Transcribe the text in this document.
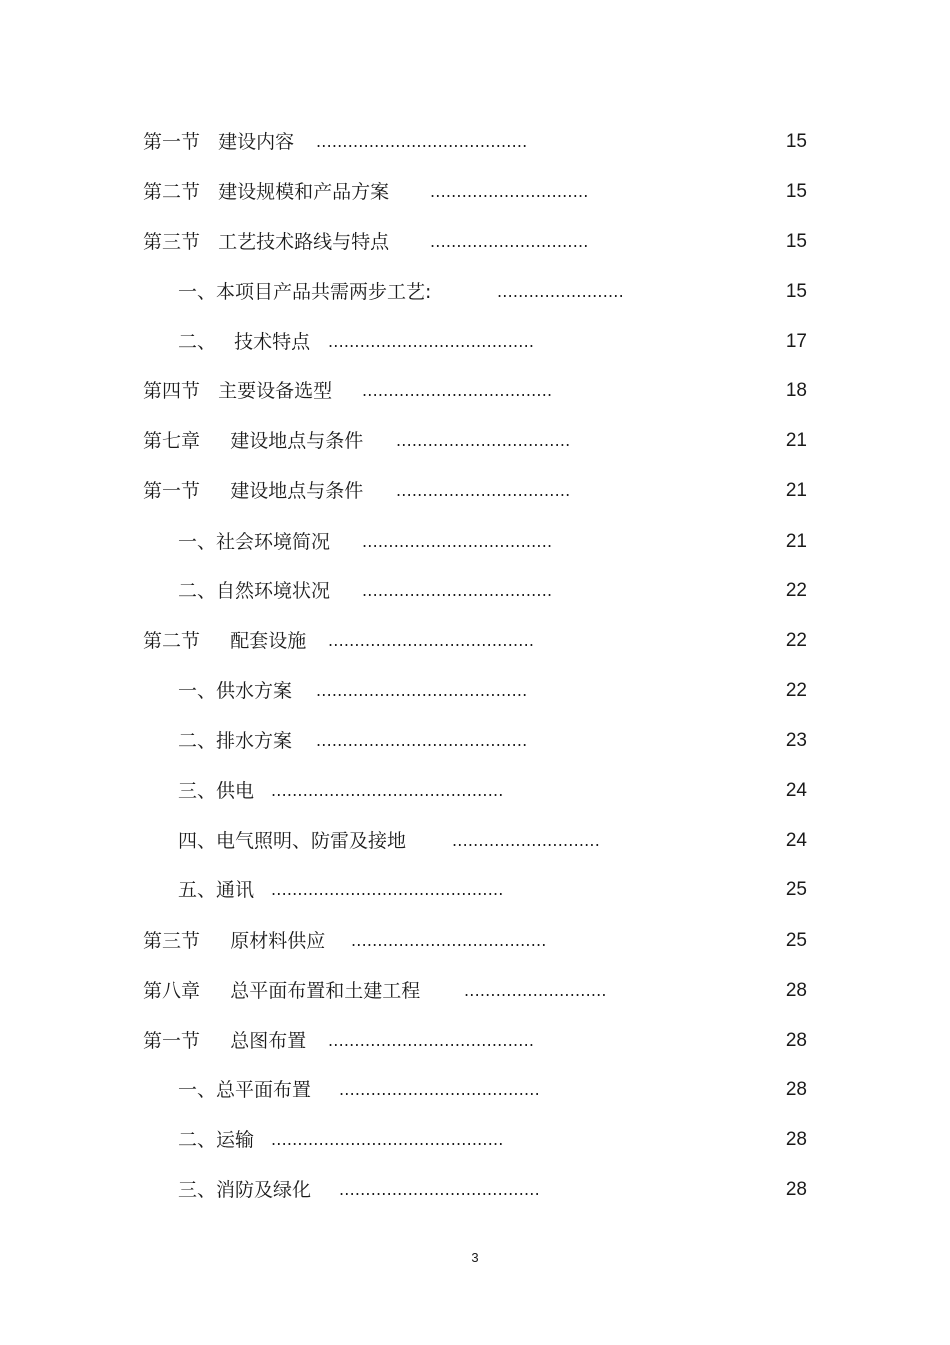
第一节   建设内容 ........................................	15
第二节   建设规模和产品方案	..............................	15
第三节   工艺技术路线与特点	..............................	15
一、本项目产品共需两步工艺:	........................	15
二、   技术特点 .......................................	17
第四节   主要设备选型 ....................................	18
第七章     建设地点与条件 .................................	21
第一节     建设地点与条件 .................................	21
一、社会环境简况 ....................................	21
二、自然环境状况 ....................................	22
第二节     配套设施 .......................................	22
一、供水方案 ........................................	22
二、排水方案 ........................................	23
三、供电 ............................................	24
四、电气照明、防雷及接地	............................	24
五、通讯 ............................................	25
第三节     原材料供应 .....................................	25
第八章     总平面布置和土建工程	...........................	28
第一节     总图布置 .......................................	28
一、总平面布置 ......................................	28
二、运输 ............................................	28
三、消防及绿化 ......................................	28
3
